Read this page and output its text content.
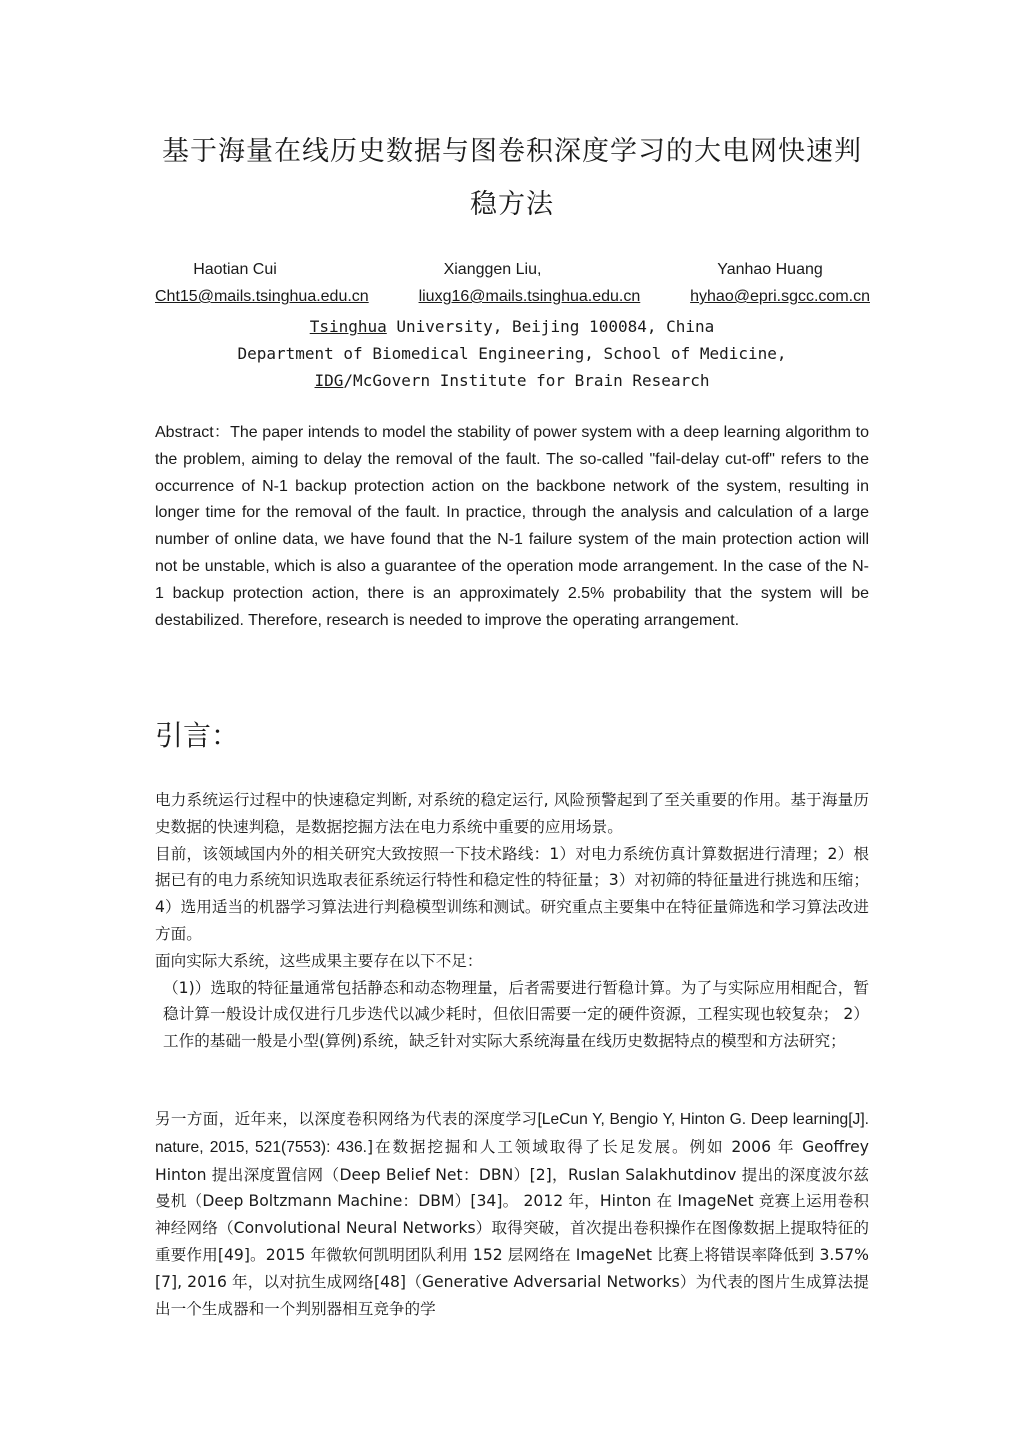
基于海量在线历史数据与图卷积深度学习的大电网快速判
稳方法
Haotian Cui	Xianggen Liu,	Yanhao Huang
Cht15@mails.tsinghua.edu.cn	liuxg16@mails.tsinghua.edu.cn	hyhao@epri.sgcc.com.cn

Tsinghua University, Beijing 100084, China

Department of Biomedical Engineering, School of Medicine,

IDG/McGovern Institute for Brain Research

Abstract：The paper intends to model the stability of power system with a deep learning algorithm to the problem, aiming to delay the removal of the fault. The so-called "fail-delay cut-off" refers to the occurrence of N-1 backup protection action on the backbone network of the system, resulting in longer time for the removal of the fault. In practice, through the analysis and calculation of a large number of online data, we have found that the N-1 failure system of the main protection action will not be unstable, which is also a guarantee of the operation mode arrangement. In the case of the N-1 backup protection action, there is an approximately 2.5% probability that the system will be destabilized. Therefore, research is needed to improve the operating arrangement.

引言：

电力系统运行过程中的快速稳定判断, 对系统的稳定运行, 风险预警起到了至关重要的作用。基于海量历史数据的快速判稳，是数据挖掘方法在电力系统中重要的应用场景。

目前，该领域国内外的相关研究大致按照一下技术路线：1）对电力系统仿真计算数据进行清理；2）根据已有的电力系统知识选取表征系统运行特性和稳定性的特征量；3）对初筛的特征量进行挑选和压缩；4）选用适当的机器学习算法进行判稳模型训练和测试。研究重点主要集中在特征量筛选和学习算法改进方面。

面向实际大系统，这些成果主要存在以下不足：

（1)）选取的特征量通常包括静态和动态物理量，后者需要进行暂稳计算。为了与实际应用相配合，暂稳计算一般设计成仅进行几步迭代以减少耗时，但依旧需要一定的硬件资源，工程实现也较复杂； 2）工作的基础一般是小型(算例)系统，缺乏针对实际大系统海量在线历史数据特点的模型和方法研究；

另一方面，近年来，以深度卷积网络为代表的深度学习[LeCun Y, Bengio Y, Hinton G. Deep learning[J]. nature, 2015, 521(7553): 436.]在数据挖掘和人工领域取得了长足发展。例如 2006 年 Geoffrey Hinton 提出深度置信网（Deep Belief Net：DBN）[2]，Ruslan Salakhutdinov 提出的深度波尔兹曼机（Deep Boltzmann Machine：DBM）[34]。 2012 年，Hinton 在 ImageNet 竞赛上运用卷积神经网络（Convolutional Neural Networks）取得突破，首次提出卷积操作在图像数据上提取特征的重要作用[49]。2015 年微软何凯明团队利用 152 层网络在 ImageNet 比赛上将错误率降低到 3.57% [7], 2016 年，以对抗生成网络[48]（Generative Adversarial Networks）为代表的图片生成算法提出一个生成器和一个判别器相互竞争的学
